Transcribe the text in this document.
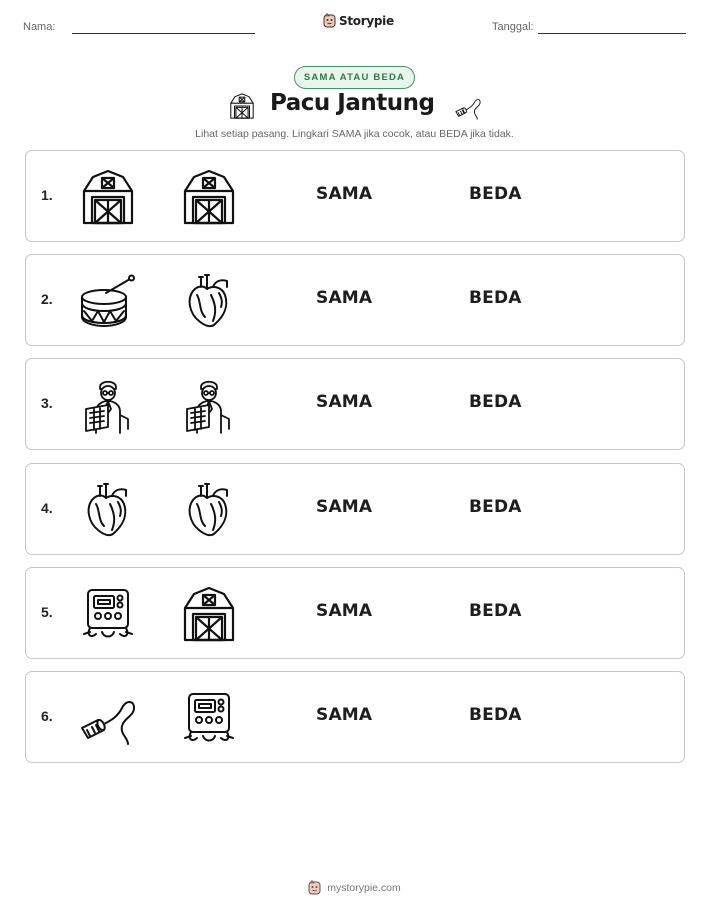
Nama:	Storypie	Tanggal:
SAMA ATAU BEDA
Pacu Jantung
Lihat setiap pasang. Lingkari SAMA jika cocok, atau BEDA jika tidak.
1.	SAMA	BEDA
2.	SAMA	BEDA
3.	SAMA	BEDA
4.	SAMA	BEDA
5.	SAMA	BEDA
6.	SAMA	BEDA
mystorypie.com
